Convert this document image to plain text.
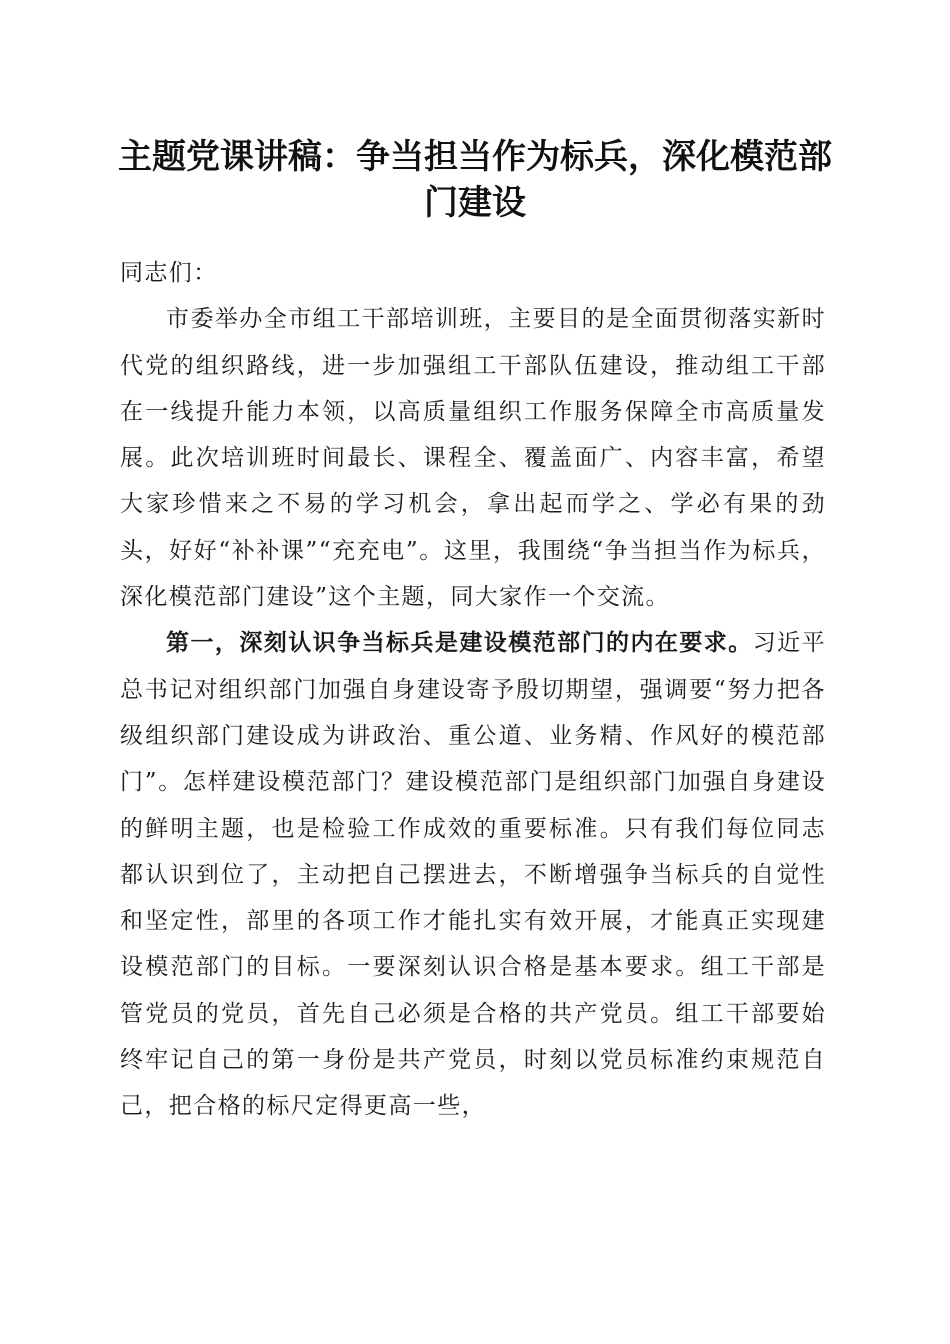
主题党课讲稿：争当担当作为标兵，深化模范部门建设

同志们：

市委举办全市组工干部培训班，主要目的是全面贯彻落实新时代党的组织路线，进一步加强组工干部队伍建设，推动组工干部在一线提升能力本领，以高质量组织工作服务保障全市高质量发展。此次培训班时间最长、课程全、覆盖面广、内容丰富，希望大家珍惜来之不易的学习机会，拿出起而学之、学必有果的劲头，好好“补补课”“充充电”。这里，我围绕“争当担当作为标兵，深化模范部门建设”这个主题，同大家作一个交流。

第一，深刻认识争当标兵是建设模范部门的内在要求。习近平总书记对组织部门加强自身建设寄予殷切期望，强调要“努力把各级组织部门建设成为讲政治、重公道、业务精、作风好的模范部门”。怎样建设模范部门？建设模范部门是组织部门加强自身建设的鲜明主题，也是检验工作成效的重要标准。只有我们每位同志都认识到位了，主动把自己摆进去，不断增强争当标兵的自觉性和坚定性，部里的各项工作才能扎实有效开展，才能真正实现建设模范部门的目标。一要深刻认识合格是基本要求。组工干部是管党员的党员，首先自己必须是合格的共产党员。组工干部要始终牢记自己的第一身份是共产党员，时刻以党员标准约束规范自己，把合格的标尺定得更高一些，
